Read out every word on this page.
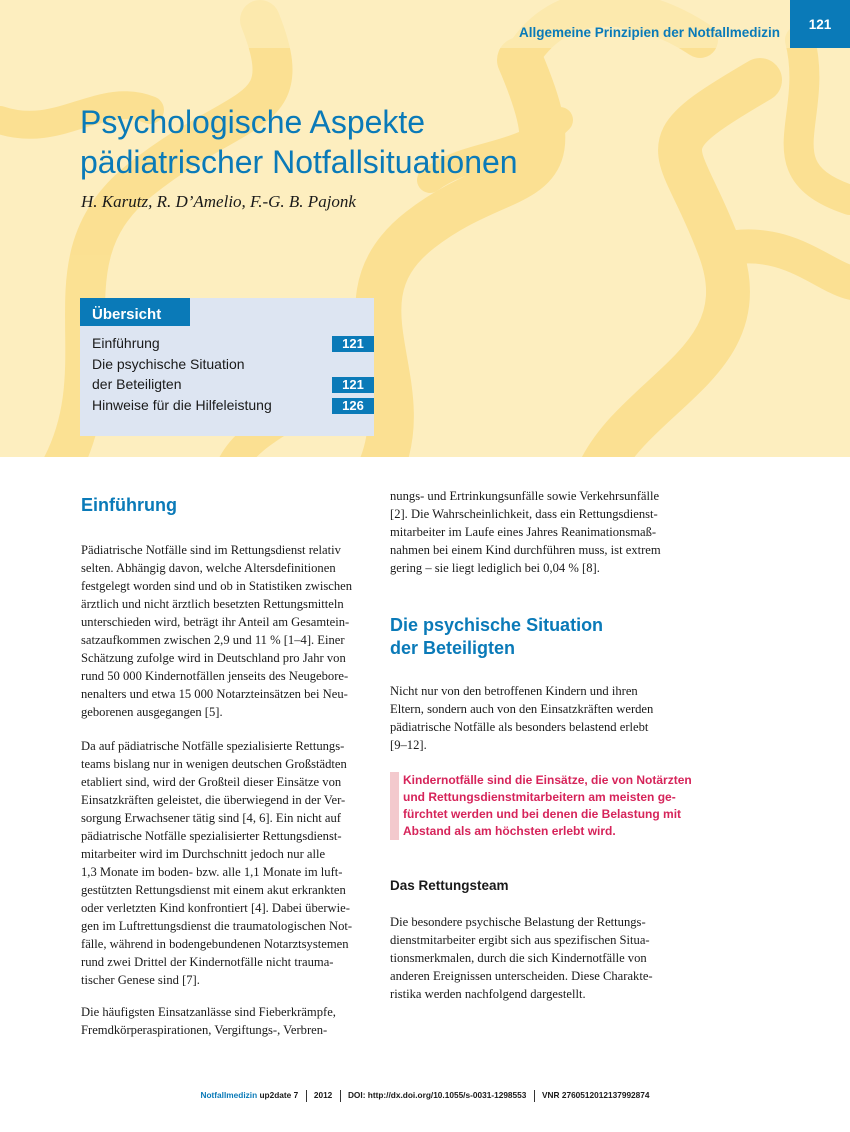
Allgemeine Prinzipien der Notfallmedizin
121
Psychologische Aspekte
pädiatrischer Notfallsituationen
H. Karutz, R. D’Amelio, F.-G. B. Pajonk
Übersicht
Einführung	121
Die psychische Situation
der Beteiligten	121
Hinweise für die Hilfeleistung	126
Einführung
Pädiatrische Notfälle sind im Rettungsdienst relativ
selten. Abhängig davon, welche Altersdefinitionen
festgelegt worden sind und ob in Statistiken zwischen
ärztlich und nicht ärztlich besetzten Rettungsmitteln
unterschieden wird, beträgt ihr Anteil am Gesamtein-
satzaufkommen zwischen 2,9 und 11 % [1–4]. Einer
Schätzung zufolge wird in Deutschland pro Jahr von
rund 50 000 Kindernotfällen jenseits des Neugebore-
nenalters und etwa 15 000 Notarzteinsätzen bei Neu-
geborenen ausgegangen [5].
Da auf pädiatrische Notfälle spezialisierte Rettungs-
teams bislang nur in wenigen deutschen Großstädten
etabliert sind, wird der Großteil dieser Einsätze von
Einsatzkräften geleistet, die überwiegend in der Ver-
sorgung Erwachsener tätig sind [4, 6]. Ein nicht auf
pädiatrische Notfälle spezialisierter Rettungsdienst-
mitarbeiter wird im Durchschnitt jedoch nur alle
1,3 Monate im boden- bzw. alle 1,1 Monate im luft-
gestützten Rettungsdienst mit einem akut erkrankten
oder verletzten Kind konfrontiert [4]. Dabei überwie-
gen im Luftrettungsdienst die traumatologischen Not-
fälle, während in bodengebundenen Notarztsystemen
rund zwei Drittel der Kindernotfälle nicht trauma-
tischer Genese sind [7].
Die häufigsten Einsatzanlässe sind Fieberkrämpfe,
Fremdkörperaspirationen, Vergiftungs-, Verbren-
nungs- und Ertrinkungsunfälle sowie Verkehrsunfälle
[2]. Die Wahrscheinlichkeit, dass ein Rettungsdienst-
mitarbeiter im Laufe eines Jahres Reanimationsmaß-
nahmen bei einem Kind durchführen muss, ist extrem
gering – sie liegt lediglich bei 0,04 % [8].
Die psychische Situation
der Beteiligten
Nicht nur von den betroffenen Kindern und ihren
Eltern, sondern auch von den Einsatzkräften werden
pädiatrische Notfälle als besonders belastend erlebt
[9–12].
Kindernotfälle sind die Einsätze, die von Notärzten
und Rettungsdienstmitarbeitern am meisten ge-
fürchtet werden und bei denen die Belastung mit
Abstand als am höchsten erlebt wird.
Das Rettungsteam
Die besondere psychische Belastung der Rettungs-
dienstmitarbeiter ergibt sich aus spezifischen Situa-
tionsmerkmalen, durch die sich Kindernotfälle von
anderen Ereignissen unterscheiden. Diese Charakte-
ristika werden nachfolgend dargestellt.
Notfallmedizin up2date 7 2012 DOI: http://dx.doi.org/10.1055/s-0031-1298553 VNR 2760512012137992874
